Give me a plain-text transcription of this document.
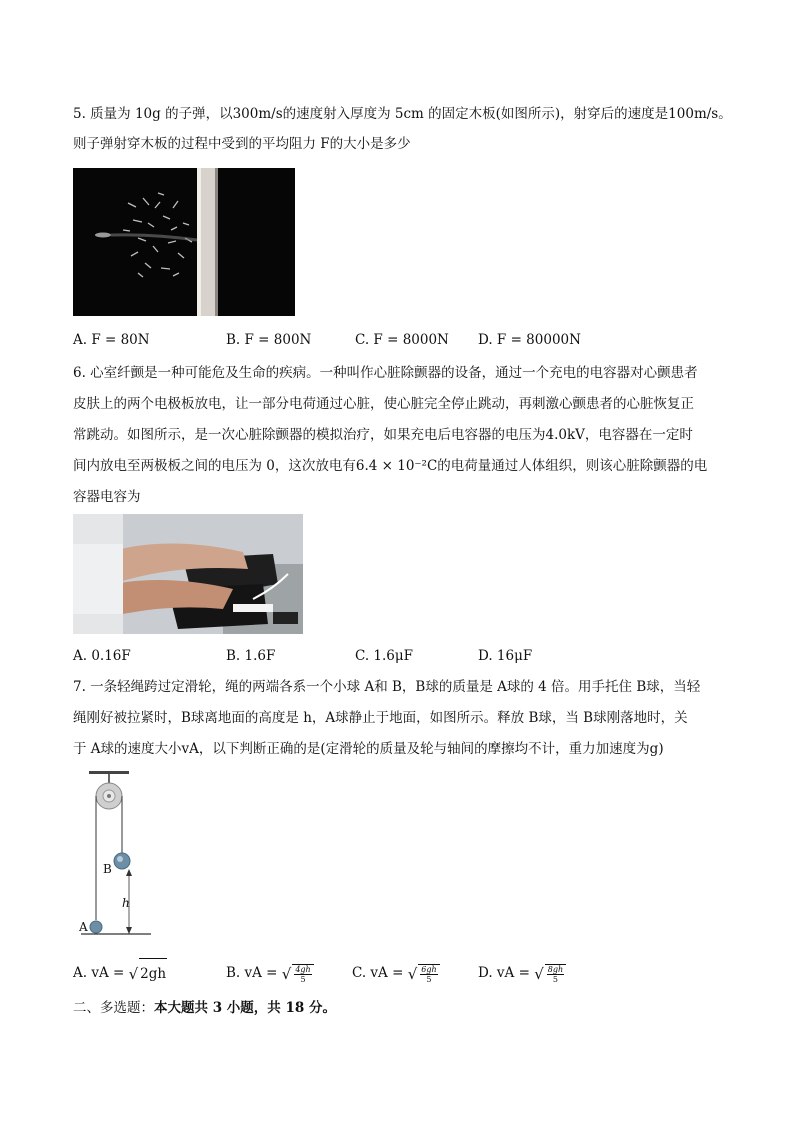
5. 质量为 10g 的子弹，以300m/s的速度射入厚度为 5cm 的固定木板(如图所示)，射穿后的速度是100m/s。
则子弹射穿木板的过程中受到的平均阻力 F的大小是多少
A. F = 80N	B. F = 800N	C. F = 8000N D. F = 80000N
6. 心室纤颤是一种可能危及生命的疾病。一种叫作心脏除颤器的设备，通过一个充电的电容器对心颤患者
皮肤上的两个电极板放电，让一部分电荷通过心脏，使心脏完全停止跳动，再刺激心颤患者的心脏恢复正
常跳动。如图所示，是一次心脏除颤器的模拟治疗，如果充电后电容器的电压为4.0kV，电容器在一定时
间内放电至两极板之间的电压为 0，这次放电有6.4 × 10⁻²C的电荷量通过人体组织，则该心脏除颤器的电
容器电容为
A. 0.16F	B. 1.6F	C. 1.6μF	D. 16μF
7. 一条轻绳跨过定滑轮，绳的两端各系一个小球 A和 B，B球的质量是 A球的 4 倍。用手托住 B球，当轻
绳刚好被拉紧时，B球离地面的高度是 h，A球静止于地面，如图所示。释放 B球，当 B球刚落地时，关
于 A球的速度大小vA，以下判断正确的是(定滑轮的质量及轮与轴间的摩擦均不计，重力加速度为g)
B
A
h
A. vA = √ 2gh	B. vA = √ $\frac{4gh}{5}$	C. vA = √ $\frac{6gh}{5}$	D. vA = √ $\frac{8gh}{5}$
二、多选题：本大题共 3 小题，共 18 分。
